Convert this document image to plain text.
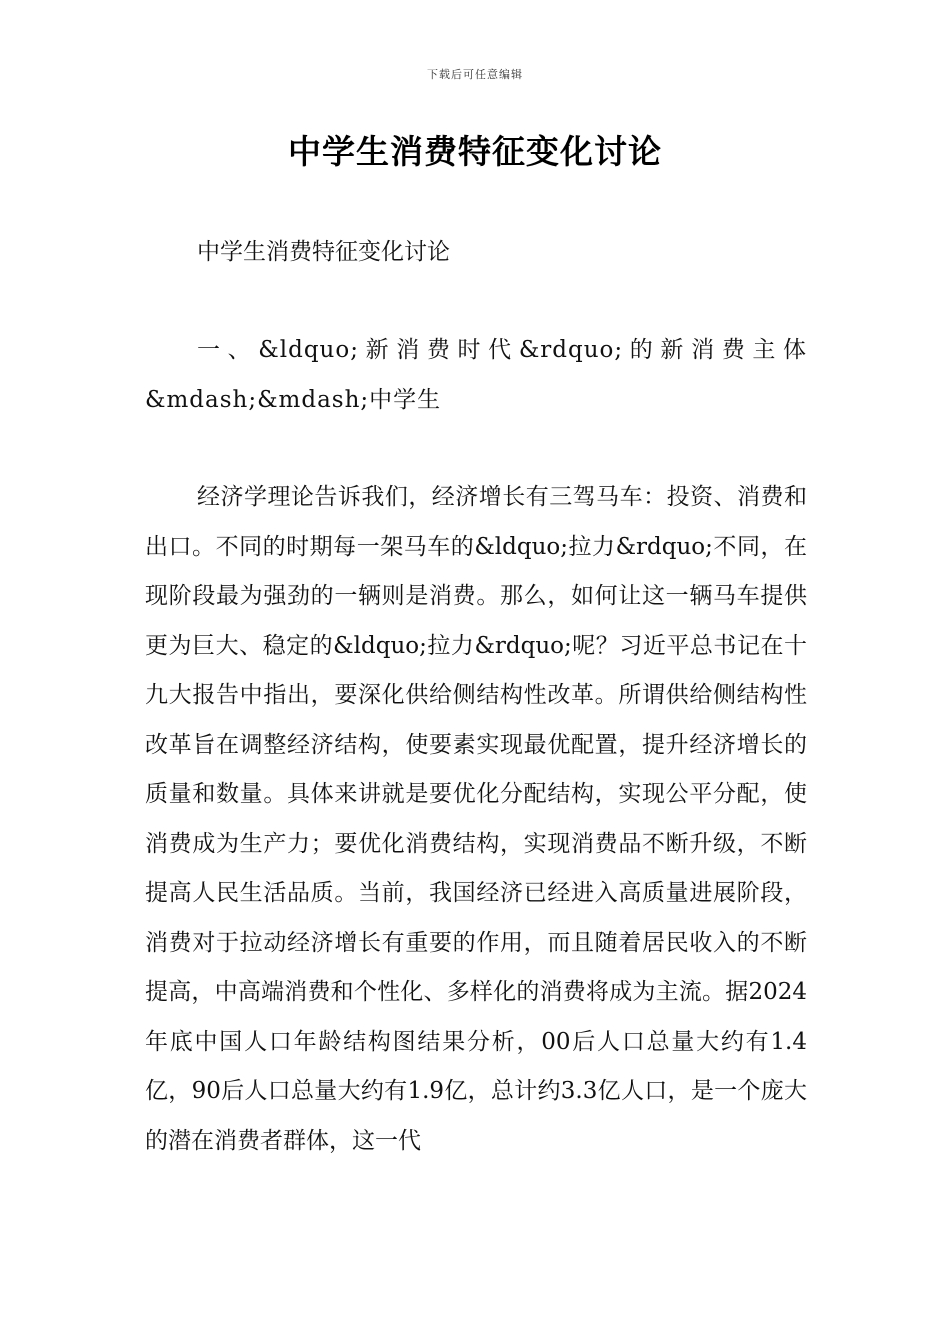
下载后可任意编辑
中学生消费特征变化讨论

中学生消费特征变化讨论

一、&ldquo;新消费时代&rdquo;的新消费主体&mdash;&mdash;中学生

经济学理论告诉我们，经济增长有三驾马车：投资、消费和出口。不同的时期每一架马车的&ldquo;拉力&rdquo;不同，在现阶段最为强劲的一辆则是消费。那么，如何让这一辆马车提供更为巨大、稳定的&ldquo;拉力&rdquo;呢？习近平总书记在十九大报告中指出，要深化供给侧结构性改革。所谓供给侧结构性改革旨在调整经济结构，使要素实现最优配置，提升经济增长的质量和数量。具体来讲就是要优化分配结构，实现公平分配，使消费成为生产力；要优化消费结构，实现消费品不断升级，不断提高人民生活品质。当前，我国经济已经进入高质量进展阶段，消费对于拉动经济增长有重要的作用，而且随着居民收入的不断提高，中高端消费和个性化、多样化的消费将成为主流。据2024年底中国人口年龄结构图结果分析，00后人口总量大约有1.4亿，90后人口总量大约有1.9亿，总计约3.3亿人口，是一个庞大的潜在消费者群体，这一代
